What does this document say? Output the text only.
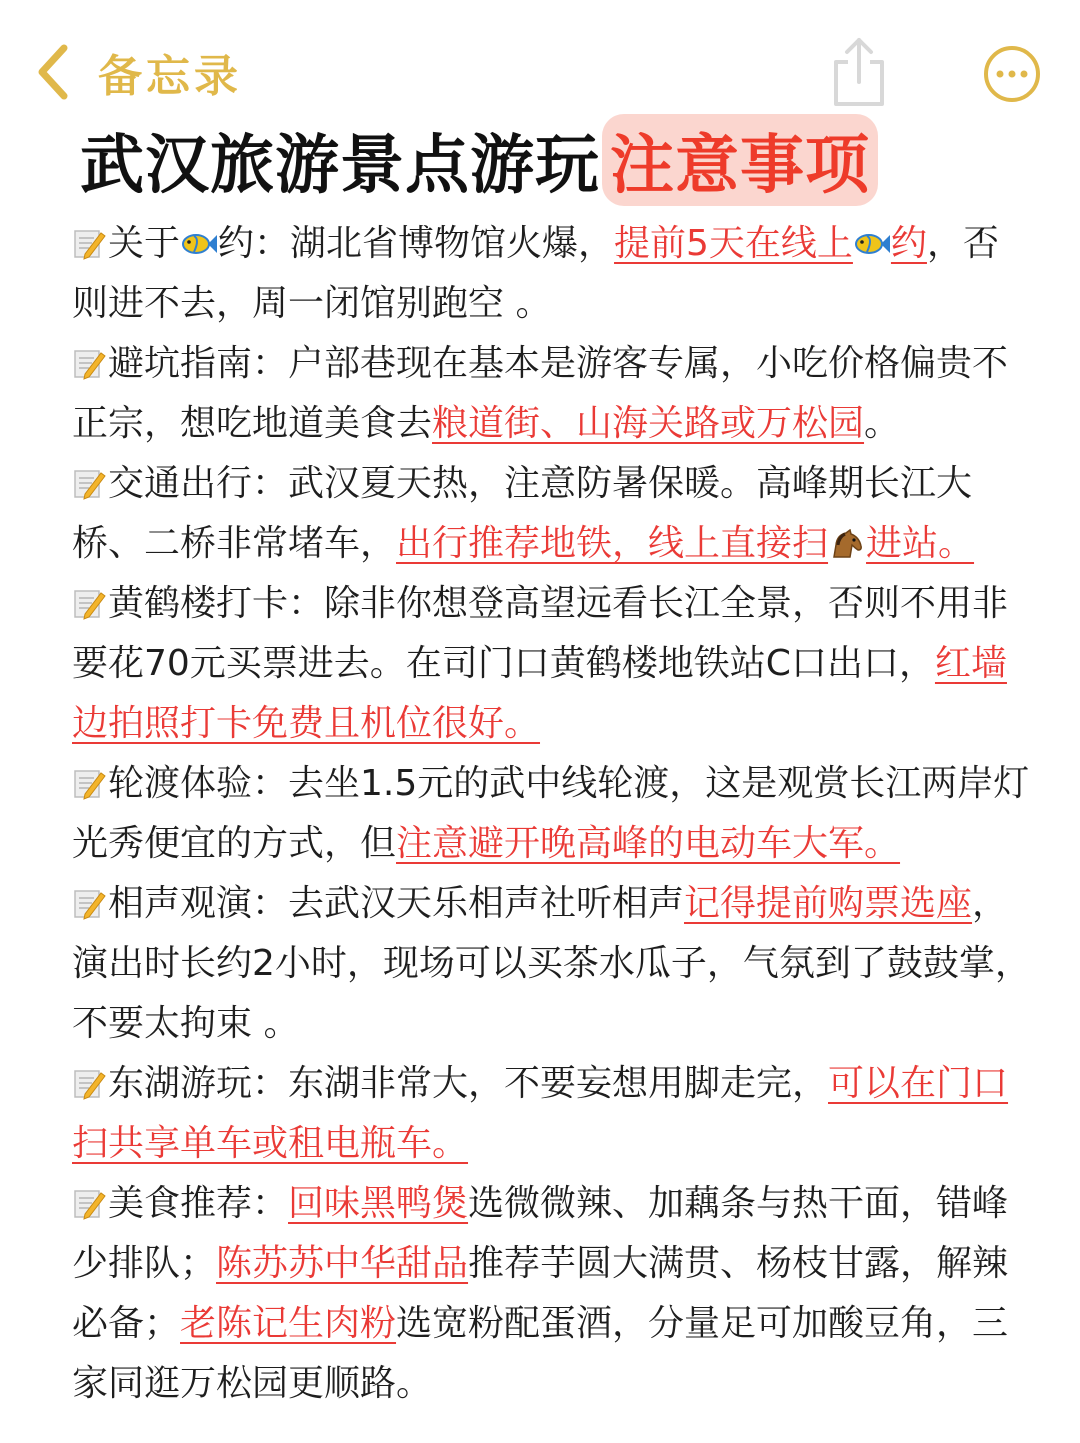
备忘录
武汉旅游景点游玩 注意事项

关于 约：湖北省博物馆火爆，提前5天在线上 约，否则进不去，周一闭馆别跑空 。

避坑指南：户部巷现在基本是游客专属，小吃价格偏贵不正宗，想吃地道美食去粮道街、山海关路或万松园。

交通出行：武汉夏天热，注意防暑保暖。高峰期长江大桥、二桥非常堵车，出行推荐地铁，线上直接扫 进站。

黄鹤楼打卡：除非你想登高望远看长江全景，否则不用非要花70元买票进去。在司门口黄鹤楼地铁站C口出口，红墙边拍照打卡免费且机位很好。

轮渡体验：去坐1.5元的武中线轮渡，这是观赏长江两岸灯光秀便宜的方式，但注意避开晚高峰的电动车大军。

相声观演：去武汉天乐相声社听相声记得提前购票选座，演出时长约2小时，现场可以买茶水瓜子，气氛到了鼓鼓掌，不要太拘束 。

东湖游玩：东湖非常大，不要妄想用脚走完，可以在门口扫共享单车或租电瓶车。

美食推荐：回味黑鸭煲选微微辣、加藕条与热干面，错峰少排队；陈苏苏中华甜品推荐芋圆大满贯、杨枝甘露，解辣必备；老陈记生肉粉选宽粉配蛋酒，分量足可加酸豆角，三家同逛万松园更顺路。
